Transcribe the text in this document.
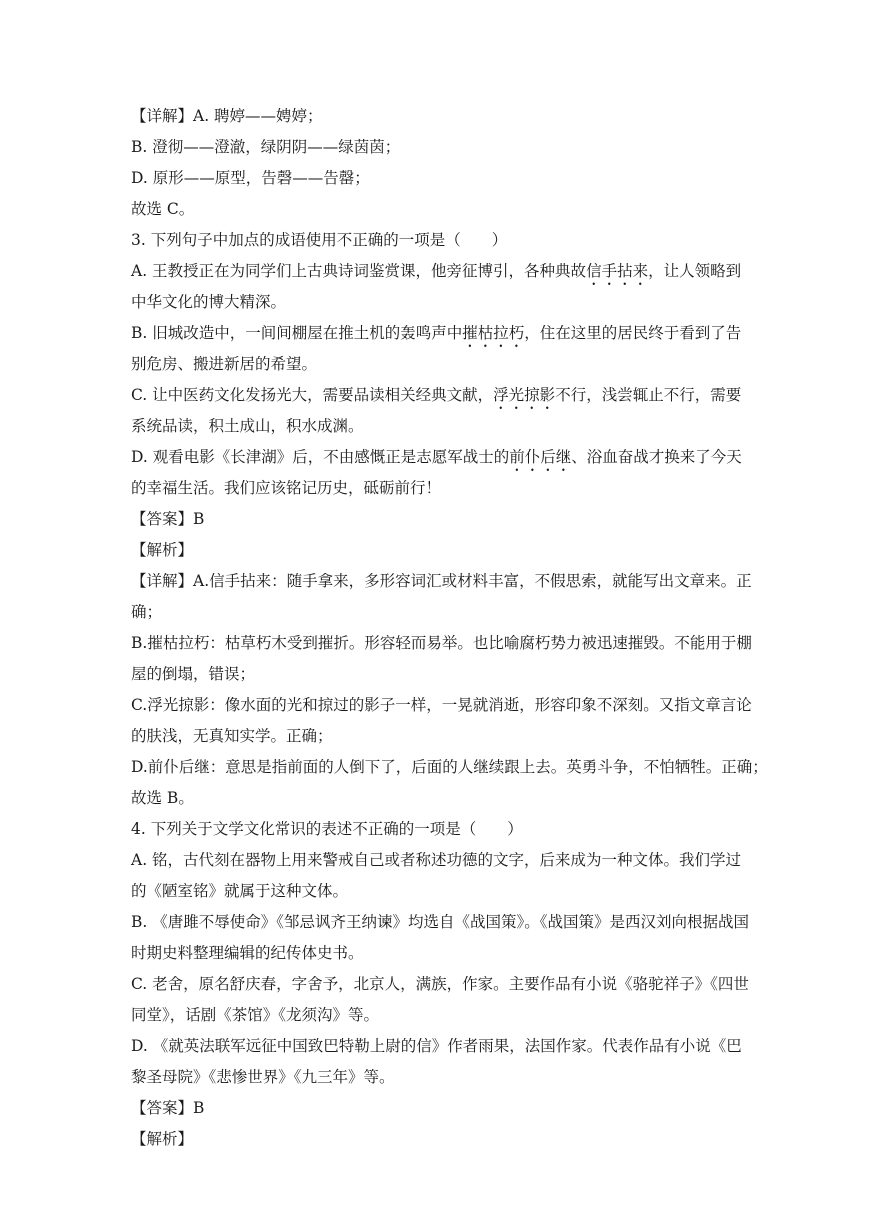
【详解】A. 聘婷——娉婷；
B. 澄彻——澄澈，绿阴阴——绿茵茵；
D. 原形——原型，告磬——告罄；
故选 C。
3. 下列句子中加点的成语使用不正确的一项是（　　）
A. 王教授正在为同学们上古典诗词鉴赏课，他旁征博引，各种典故信手拈来，让人领略到
中华文化的博大精深。
B. 旧城改造中，一间间棚屋在推土机的轰鸣声中摧枯拉朽，住在这里的居民终于看到了告
别危房、搬进新居的希望。
C. 让中医药文化发扬光大，需要品读相关经典文献，浮光掠影不行，浅尝辄止不行，需要
系统品读，积土成山，积水成渊。
D. 观看电影《长津湖》后，不由感慨正是志愿军战士的前仆后继、浴血奋战才换来了今天
的幸福生活。我们应该铭记历史，砥砺前行！
【答案】B
【解析】
【详解】A.信手拈来：随手拿来，多形容词汇或材料丰富，不假思索，就能写出文章来。正
确；
B.摧枯拉朽：枯草朽木受到摧折。形容轻而易举。也比喻腐朽势力被迅速摧毁。不能用于棚
屋的倒塌，错误；
C.浮光掠影：像水面的光和掠过的影子一样，一晃就消逝，形容印象不深刻。又指文章言论
的肤浅，无真知实学。正确；
D.前仆后继：意思是指前面的人倒下了，后面的人继续跟上去。英勇斗争，不怕牺牲。正确；
故选 B。
4. 下列关于文学文化常识的表述不正确的一项是（　　）
A. 铭，古代刻在器物上用来警戒自己或者称述功德的文字，后来成为一种文体。我们学过
的《陋室铭》就属于这种文体。
B. 《唐雎不辱使命》《邹忌讽齐王纳谏》均选自《战国策》。《战国策》是西汉刘向根据战国
时期史料整理编辑的纪传体史书。
C. 老舍，原名舒庆春，字舍予，北京人，满族，作家。主要作品有小说《骆驼祥子》《四世
同堂》，话剧《茶馆》《龙须沟》等。
D. 《就英法联军远征中国致巴特勒上尉的信》作者雨果，法国作家。代表作品有小说《巴
黎圣母院》《悲惨世界》《九三年》等。
【答案】B
【解析】
